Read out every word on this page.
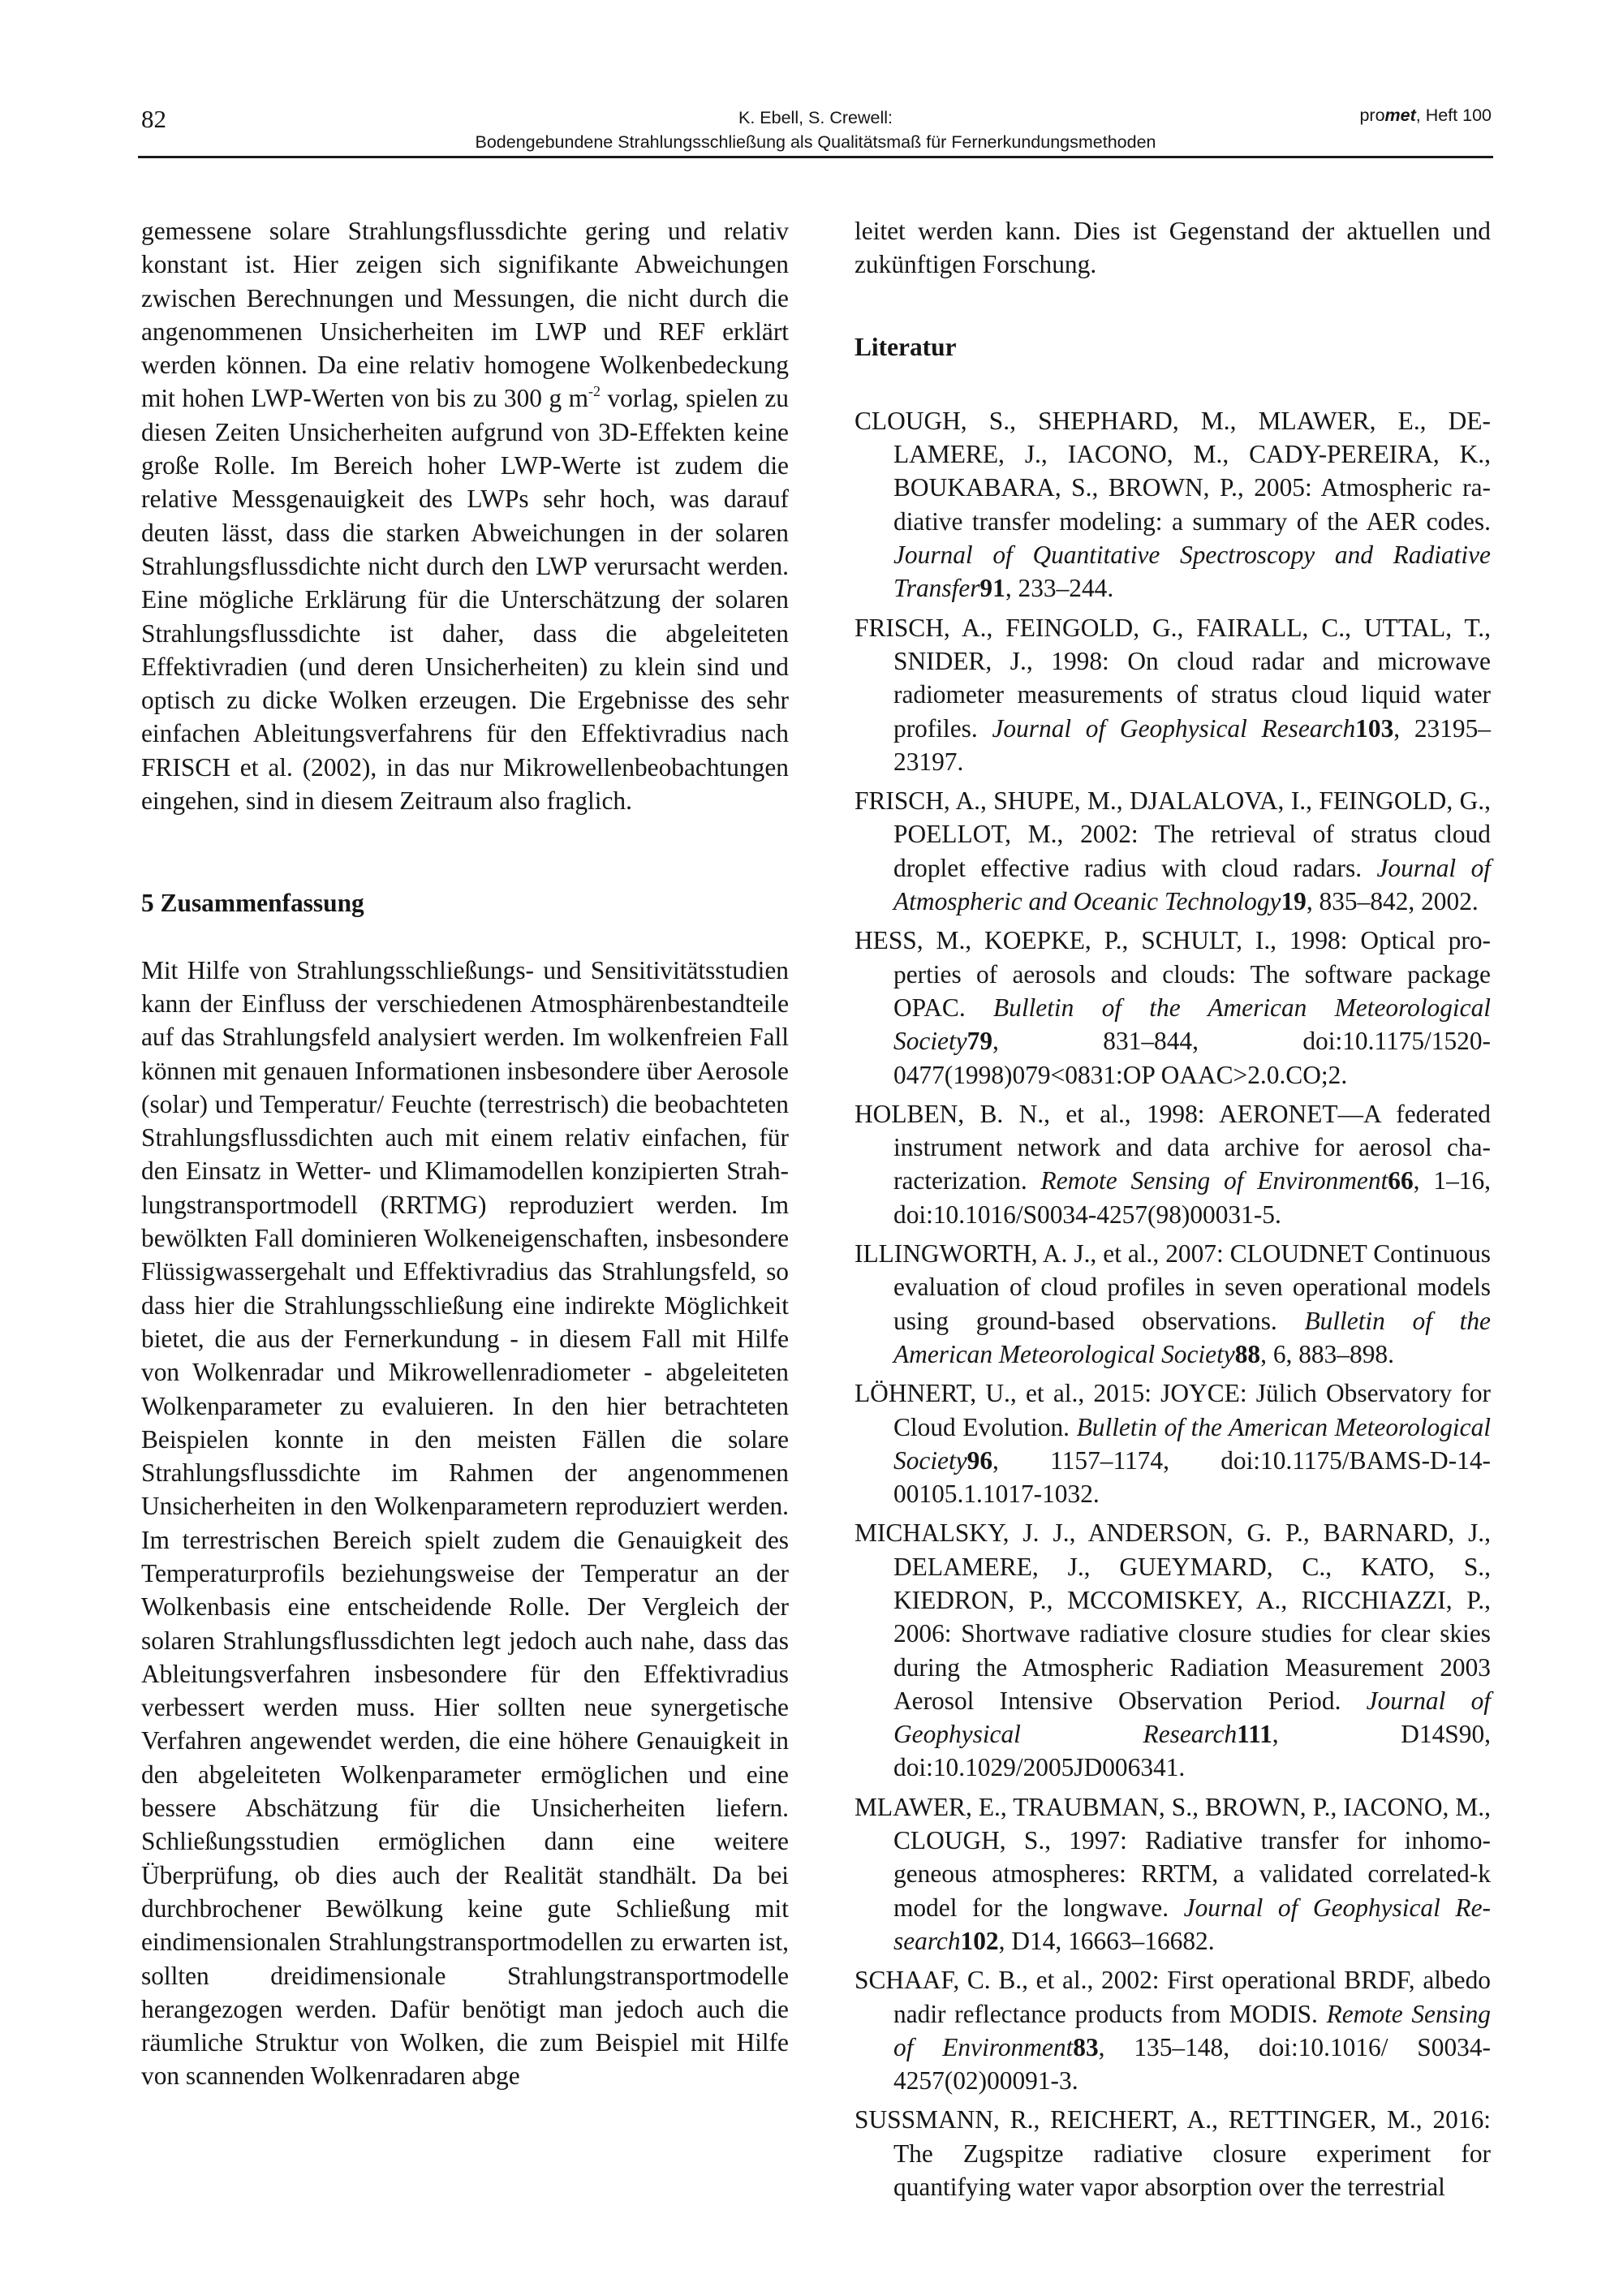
82	K. Ebell, S. Crewell:
Bodengebundene Strahlungsschließung als Qualitätsmaß für Fernerkundungsmethoden
promet, Heft 100

gemessene solare Strahlungsflussdichte gering und relativ konstant ist. Hier zeigen sich signifikante Abweichungen zwischen Berechnungen und Messungen, die nicht durch die angenommenen Unsicherheiten im LWP und REF erklärt werden können. Da eine relativ homogene Wolkenbedeckung mit hohen LWP-Werten von bis zu 300 g $m^{-2}$ vorlag, spielen zu diesen Zeiten Unsicherheiten aufgrund von 3D-Effekten keine große Rolle. Im Bereich hoher LWP-Werte ist zudem die relative Messgenauigkeit des LWPs sehr hoch, was darauf deuten lässt, dass die starken Abweichungen in der solaren Strahlungsflussdichte nicht durch den LWP verursacht werden. Eine mögliche Erklärung für die Unterschätzung der solaren Strahlungsflussdichte ist daher, dass die abgeleiteten Effektivradien (und deren Unsicherheiten) zu klein sind und optisch zu dicke Wolken erzeugen. Die Ergebnisse des sehr einfachen Ableitungsverfahrens für den Effektivradius nach FRISCH et al. (2002), in das nur Mikrowellenbeobachtungen eingehen, sind in diesem Zeitraum also fraglich.

5 Zusammenfassung

Mit Hilfe von Strahlungsschließungs- und Sensitivitätsstudien kann der Einfluss der verschiedenen Atmosphärenbestandteile auf das Strahlungsfeld analysiert werden. Im wolkenfreien Fall können mit genauen Informationen insbesondere über Aerosole (solar) und Temperatur/ Feuchte (terrestrisch) die beobachteten Strahlungsflussdichten auch mit einem relativ einfachen, für den Einsatz in Wetter- und Klimamodellen konzipierten Strahlungstransportmodell (RRTMG) reproduziert werden. Im bewölkten Fall dominieren Wolkeneigenschaften, insbesondere Flüssigwassergehalt und Effektivradius das Strahlungsfeld, so dass hier die Strahlungsschließung eine indirekte Möglichkeit bietet, die aus der Fernerkundung - in diesem Fall mit Hilfe von Wolkenradar und Mikrowellenradiometer - abgeleiteten Wolkenparameter zu evaluieren. In den hier betrachteten Beispielen konnte in den meisten Fällen die solare Strahlungsflussdichte im Rahmen der angenommenen Unsicherheiten in den Wolkenparametern reproduziert werden. Im terrestrischen Bereich spielt zudem die Genauigkeit des Temperaturprofils beziehungsweise der Temperatur an der Wolkenbasis eine entscheidende Rolle. Der Vergleich der solaren Strahlungsflussdichten legt jedoch auch nahe, dass das Ableitungsverfahren insbesondere für den Effektivradius verbessert werden muss. Hier sollten neue synergetische Verfahren angewendet werden, die eine höhere Genauigkeit in den abgeleiteten Wolkenparameter ermöglichen und eine bessere Abschätzung für die Unsicherheiten liefern. Schließungsstudien ermöglichen dann eine weitere Überprüfung, ob dies auch der Realität standhält. Da bei durchbrochener Bewölkung keine gute Schließung mit eindimensionalen Strahlungstransportmodellen zu erwarten ist, sollten dreidimensionale Strahlungstransportmodelle herangezogen werden. Dafür benötigt man jedoch auch die räumliche Struktur von Wolken, die zum Beispiel mit Hilfe von scannenden Wolkenradaren abge

leitet werden kann. Dies ist Gegenstand der aktuellen und zukünftigen Forschung.

Literatur
CLOUGH, S., SHEPHARD, M., MLAWER, E., DELAMERE, J., IACONO, M., CADY-PEREIRA, K., BOUKABARA, S., BROWN, P., 2005: Atmospheric radiative transfer modeling: a summary of the AER codes. Journal of Quantitative Spectroscopy and Radiative Transfer91, 233–244.
FRISCH, A., FEINGOLD, G., FAIRALL, C., UTTAL, T., SNIDER, J., 1998: On cloud radar and microwave radiometer measurements of stratus cloud liquid water profiles. Journal of Geophysical Research103, 23195–23197.
FRISCH, A., SHUPE, M., DJALALOVA, I., FEINGOLD, G., POELLOT, M., 2002: The retrieval of stratus cloud droplet effective radius with cloud radars. Journal of Atmospheric and Oceanic Technology19, 835–842, 2002.
HESS, M., KOEPKE, P., SCHULT, I., 1998: Optical properties of aerosols and clouds: The software package OPAC. Bulletin of the American Meteorological Society79, 831–844, doi:10.1175/1520-0477(1998)079<0831:OP OAAC>2.0.CO;2.
HOLBEN, B. N., et al., 1998: AERONET—A federated instrument network and data archive for aerosol characterization. Remote Sensing of Environment66, 1–16, doi:10.1016/S0034-4257(98)00031-5.
ILLINGWORTH, A. J., et al., 2007: CLOUDNET Continuous evaluation of cloud profiles in seven operational models using ground-based observations. Bulletin of the American Meteorological Society88, 6, 883–898.
LÖHNERT, U., et al., 2015: JOYCE: Jülich Observatory for Cloud Evolution. Bulletin of the American Meteorological Society96, 1157–1174, doi:10.1175/BAMS-D-14-00105.1.1017-1032.
MICHALSKY, J. J., ANDERSON, G. P., BARNARD, J., DELAMERE, J., GUEYMARD, C., KATO, S., KIEDRON, P., MCCOMISKEY, A., RICCHIAZZI, P., 2006: Shortwave radiative closure studies for clear skies during the Atmospheric Radiation Measurement 2003 Aerosol Intensive Observation Period. Journal of Geophysical Research111, D14S90, doi:10.1029/2005JD006341.
MLAWER, E., TRAUBMAN, S., BROWN, P., IACONO, M., CLOUGH, S., 1997: Radiative transfer for inhomogeneous atmospheres: RRTM, a validated correlated-k model for the longwave. Journal of Geophysical Research102, D14, 16663–16682.
SCHAAF, C. B., et al., 2002: First operational BRDF, albedo nadir reflectance products from MODIS. Remote Sensing of Environment83, 135–148, doi:10.1016/ S0034-4257(02)00091-3.
SUSSMANN, R., REICHERT, A., RETTINGER, M., 2016: The Zugspitze radiative closure experiment for quantifying water vapor absorption over the terrestrial
